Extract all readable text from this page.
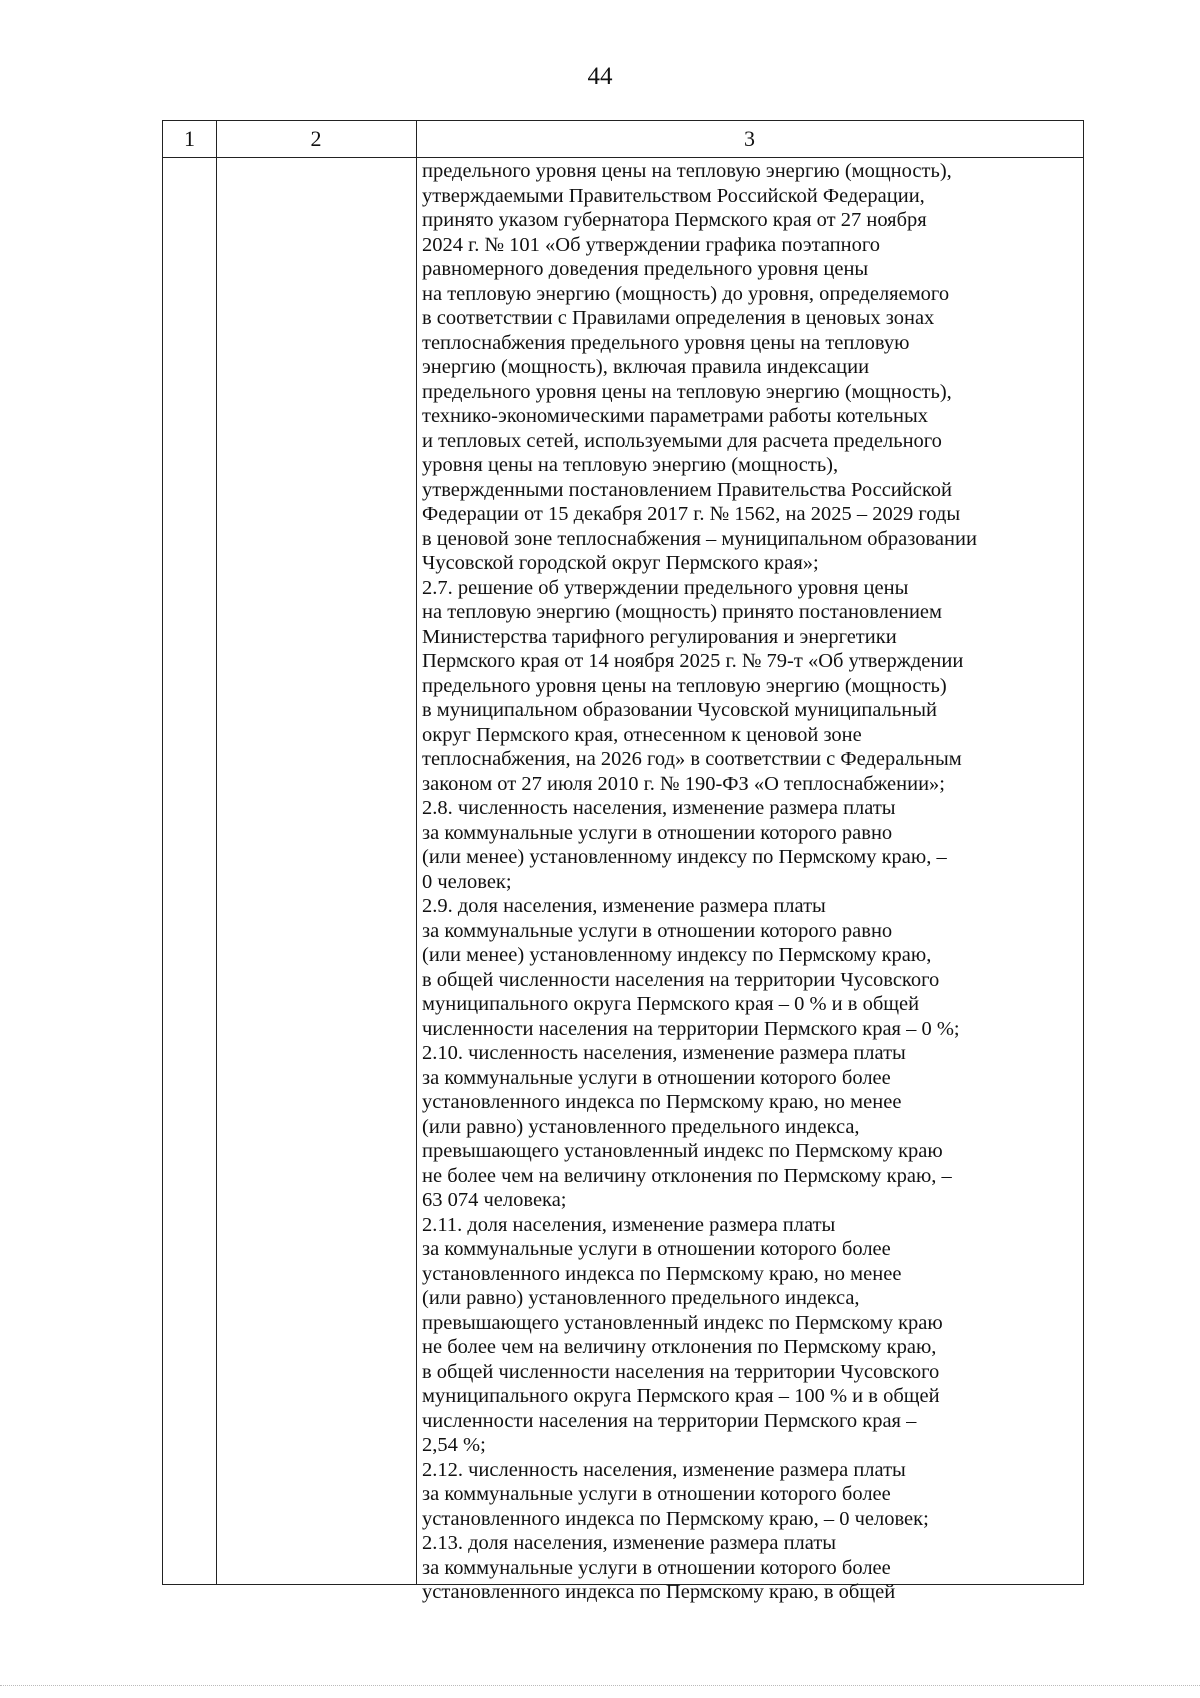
44
1	2	3
предельного уровня цены на тепловую энергию (мощность),
утверждаемыми Правительством Российской Федерации,
принято указом губернатора Пермского края от 27 ноября
2024 г. № 101 «Об утверждении графика поэтапного
равномерного доведения предельного уровня цены
на тепловую энергию (мощность) до уровня, определяемого
в соответствии с Правилами определения в ценовых зонах
теплоснабжения предельного уровня цены на тепловую
энергию (мощность), включая правила индексации
предельного уровня цены на тепловую энергию (мощность),
технико-экономическими параметрами работы котельных
и тепловых сетей, используемыми для расчета предельного
уровня цены на тепловую энергию (мощность),
утвержденными постановлением Правительства Российской
Федерации от 15 декабря 2017 г. № 1562, на 2025 – 2029 годы
в ценовой зоне теплоснабжения – муниципальном образовании
Чусовской городской округ Пермского края»;
2.7. решение об утверждении предельного уровня цены
на тепловую энергию (мощность) принято постановлением
Министерства тарифного регулирования и энергетики
Пермского края от 14 ноября 2025 г. № 79-т «Об утверждении
предельного уровня цены на тепловую энергию (мощность)
в муниципальном образовании Чусовской муниципальный
округ Пермского края, отнесенном к ценовой зоне
теплоснабжения, на 2026 год» в соответствии с Федеральным
законом от 27 июля 2010 г. № 190-ФЗ «О теплоснабжении»;
2.8. численность населения, изменение размера платы
за коммунальные услуги в отношении которого равно
(или менее) установленному индексу по Пермскому краю, –
0 человек;
2.9. доля населения, изменение размера платы
за коммунальные услуги в отношении которого равно
(или менее) установленному индексу по Пермскому краю,
в общей численности населения на территории Чусовского
муниципального округа Пермского края – 0 % и в общей
численности населения на территории Пермского края – 0 %;
2.10. численность населения, изменение размера платы
за коммунальные услуги в отношении которого более
установленного индекса по Пермскому краю, но менее
(или равно) установленного предельного индекса,
превышающего установленный индекс по Пермскому краю
не более чем на величину отклонения по Пермскому краю, –
63 074 человека;
2.11. доля населения, изменение размера платы
за коммунальные услуги в отношении которого более
установленного индекса по Пермскому краю, но менее
(или равно) установленного предельного индекса,
превышающего установленный индекс по Пермскому краю
не более чем на величину отклонения по Пермскому краю,
в общей численности населения на территории Чусовского
муниципального округа Пермского края – 100 % и в общей
численности населения на территории Пермского края –
2,54 %;
2.12. численность населения, изменение размера платы
за коммунальные услуги в отношении которого более
установленного индекса по Пермскому краю, – 0 человек;
2.13. доля населения, изменение размера платы
за коммунальные услуги в отношении которого более
установленного индекса по Пермскому краю, в общей
